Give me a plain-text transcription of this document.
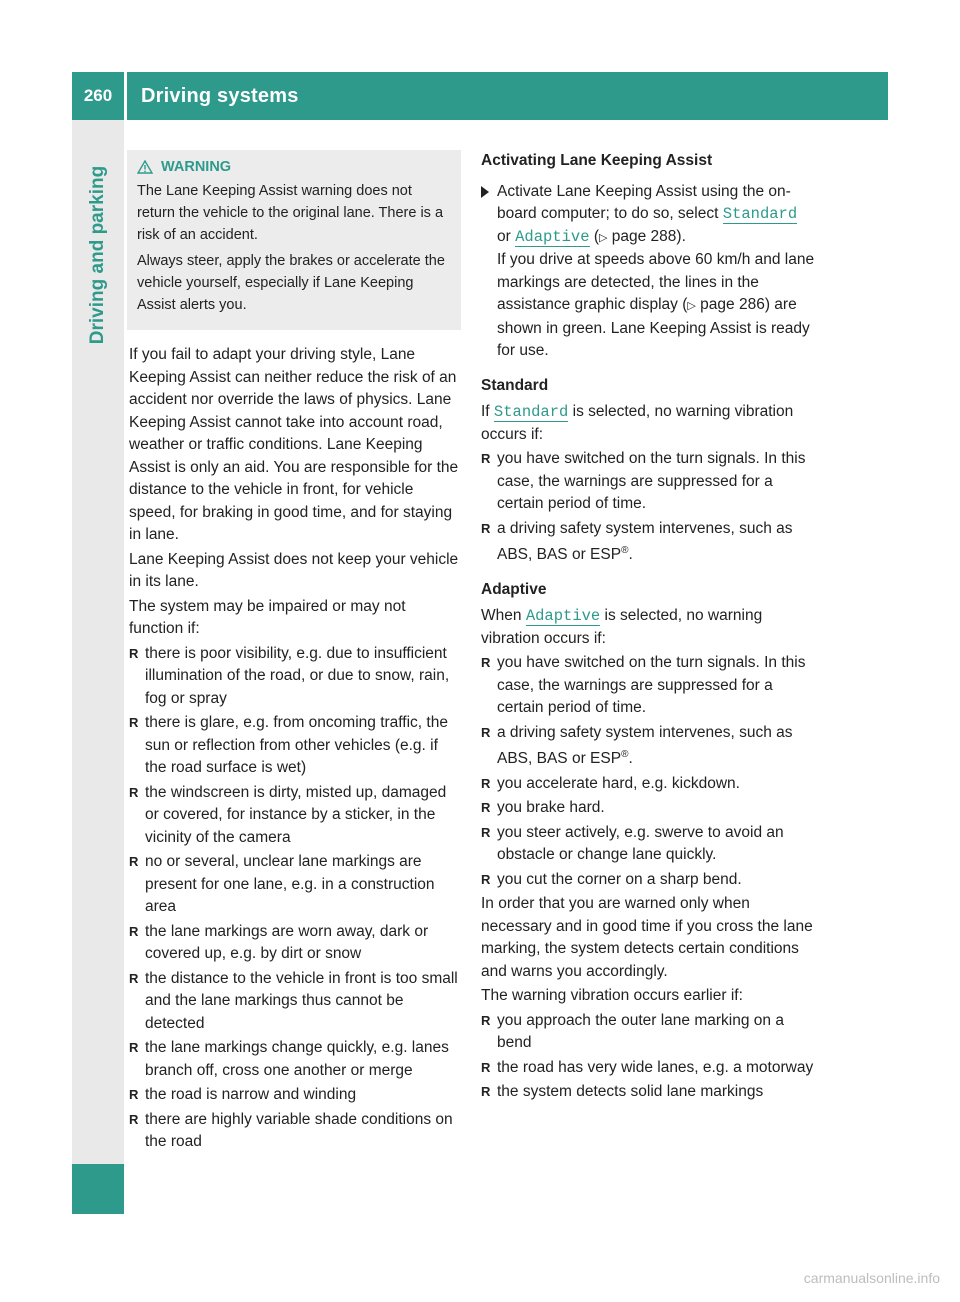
260 Driving systems
Driving and parking	WARNING

The Lane Keeping Assist warning does not return the vehicle to the original lane. There is a risk of an accident.

Always steer, apply the brakes or accelerate the vehicle yourself, especially if Lane Keeping Assist alerts you.

If you fail to adapt your driving style, Lane Keeping Assist can neither reduce the risk of an accident nor override the laws of physics. Lane Keeping Assist cannot take into account road, weather or traffic conditions. Lane Keeping Assist is only an aid. You are responsible for the distance to the vehicle in front, for vehicle speed, for braking in good time, and for staying in lane.

Lane Keeping Assist does not keep your vehicle in its lane.

The system may be impaired or may not function if:

R there is poor visibility, e.g. due to insufficient illumination of the road, or due to snow, rain, fog or spray
R there is glare, e.g. from oncoming traffic, the sun or reflection from other vehicles (e.g. if the road surface is wet)
R the windscreen is dirty, misted up, damaged or covered, for instance by a sticker, in the vicinity of the camera
R no or several, unclear lane markings are present for one lane, e.g. in a construction area
R the lane markings are worn away, dark or covered up, e.g. by dirt or snow
R the distance to the vehicle in front is too small and the lane markings thus cannot be detected
R the lane markings change quickly, e.g. lanes branch off, cross one another or merge
R the road is narrow and winding
R there are highly variable shade conditions on the road
Activating Lane Keeping Assist
Activate Lane Keeping Assist using the on-board computer; to do so, select Standard
or Adaptive (▷ page 288).
If you drive at speeds above 60 km/h and lane markings are detected, the lines in the assistance graphic display (▷ page 286) are shown in green. Lane Keeping Assist is ready for use.
Standard

If Standard is selected, no warning vibration occurs if:

R you have switched on the turn signals. In this case, the warnings are suppressed for a certain period of time.
R a driving safety system intervenes, such as ABS, BAS or ESP®.
Adaptive

When Adaptive is selected, no warning vibration occurs if:

R you have switched on the turn signals. In this case, the warnings are suppressed for a certain period of time.
R a driving safety system intervenes, such as ABS, BAS or ESP®.
R you accelerate hard, e.g. kickdown.
R you brake hard.
R you steer actively, e.g. swerve to avoid an obstacle or change lane quickly.
R you cut the corner on a sharp bend.

In order that you are warned only when necessary and in good time if you cross the lane marking, the system detects certain conditions and warns you accordingly.

The warning vibration occurs earlier if:

R you approach the outer lane marking on a bend
R the road has very wide lanes, e.g. a motorway
R the system detects solid lane markings
carmanualsonline.info
